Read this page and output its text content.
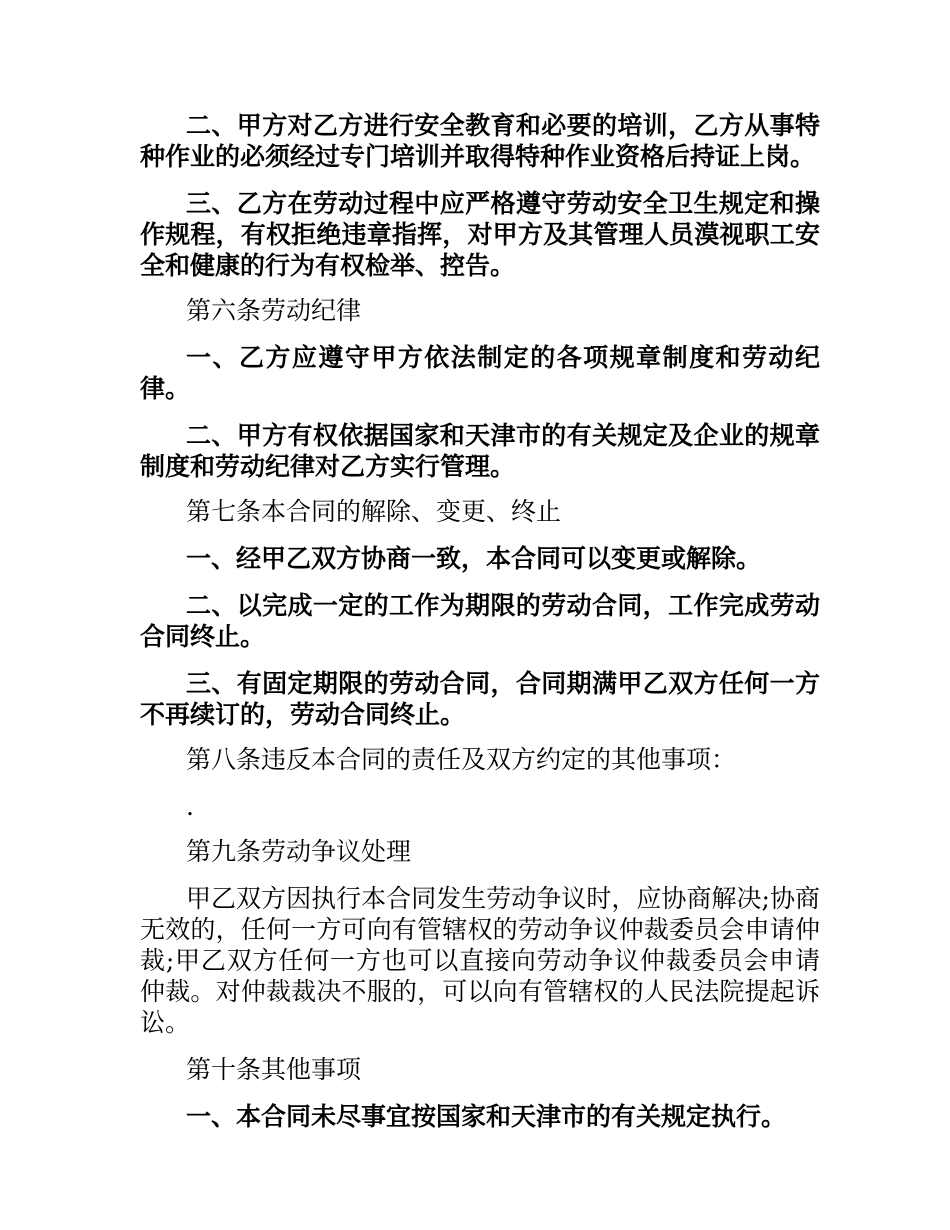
二、甲方对乙方进行安全教育和必要的培训，乙方从事特种作业的必须经过专门培训并取得特种作业资格后持证上岗。

三、乙方在劳动过程中应严格遵守劳动安全卫生规定和操作规程，有权拒绝违章指挥，对甲方及其管理人员漠视职工安全和健康的行为有权检举、控告。

第六条劳动纪律

一、乙方应遵守甲方依法制定的各项规章制度和劳动纪律。

二、甲方有权依据国家和天津市的有关规定及企业的规章制度和劳动纪律对乙方实行管理。

第七条本合同的解除、变更、终止

一、经甲乙双方协商一致，本合同可以变更或解除。

二、以完成一定的工作为期限的劳动合同，工作完成劳动合同终止。

三、有固定期限的劳动合同，合同期满甲乙双方任何一方不再续订的，劳动合同终止。

第八条违反本合同的责任及双方约定的其他事项：

.

第九条劳动争议处理

甲乙双方因执行本合同发生劳动争议时，应协商解决;协商无效的，任何一方可向有管辖权的劳动争议仲裁委员会申请仲裁;甲乙双方任何一方也可以直接向劳动争议仲裁委员会申请仲裁。对仲裁裁决不服的，可以向有管辖权的人民法院提起诉讼。

第十条其他事项

一、本合同未尽事宜按国家和天津市的有关规定执行。
